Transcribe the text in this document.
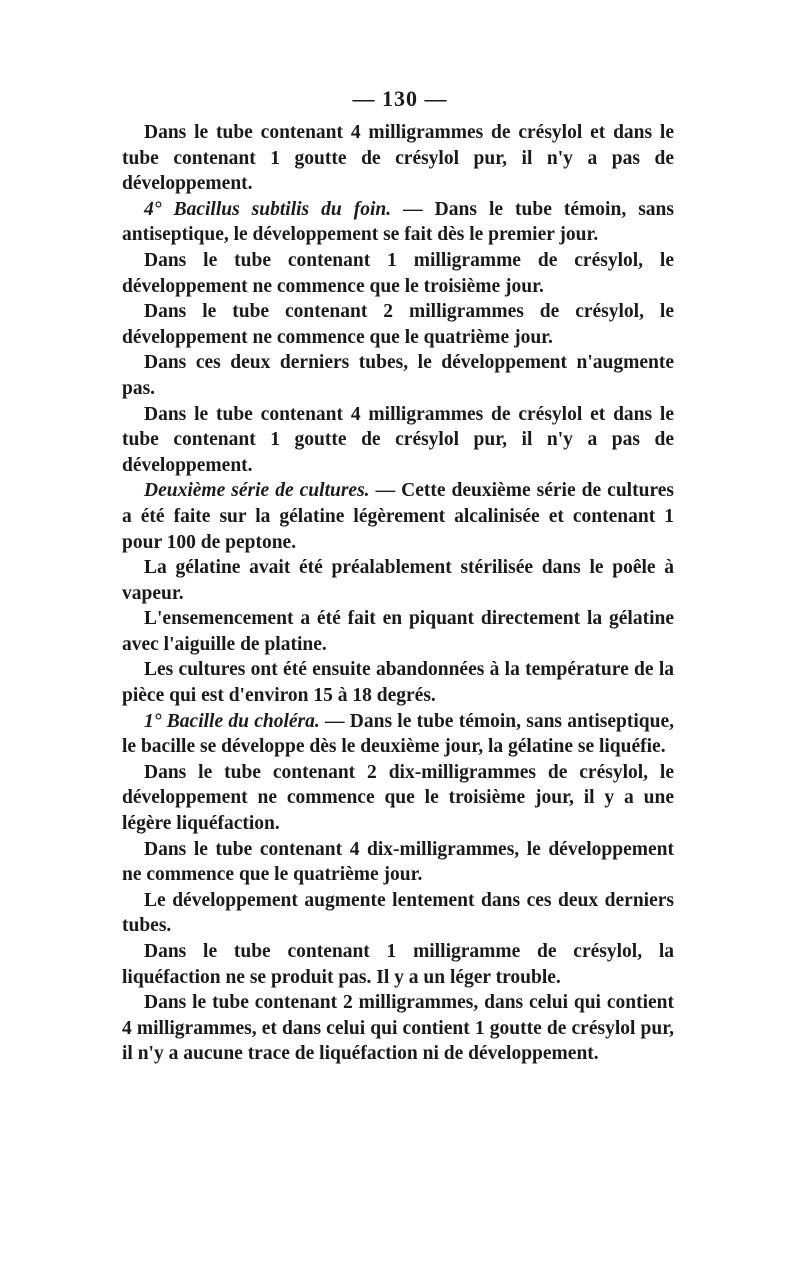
— 130 —

Dans le tube contenant 4 milligrammes de crésylol et dans le tube contenant 1 goutte de crésylol pur, il n'y a pas de développement.

4° Bacillus subtilis du foin. — Dans le tube témoin, sans antiseptique, le développement se fait dès le premier jour.

Dans le tube contenant 1 milligramme de crésylol, le développement ne commence que le troisième jour.

Dans le tube contenant 2 milligrammes de crésylol, le développement ne commence que le quatrième jour.

Dans ces deux derniers tubes, le développement n'augmente pas.

Dans le tube contenant 4 milligrammes de crésylol et dans le tube contenant 1 goutte de crésylol pur, il n'y a pas de développement.

Deuxième série de cultures. — Cette deuxième série de cultures a été faite sur la gélatine légèrement alcalinisée et contenant 1 pour 100 de peptone.

La gélatine avait été préalablement stérilisée dans le poêle à vapeur.

L'ensemencement a été fait en piquant directement la gélatine avec l'aiguille de platine.

Les cultures ont été ensuite abandonnées à la température de la pièce qui est d'environ 15 à 18 degrés.

1° Bacille du choléra. — Dans le tube témoin, sans antiseptique, le bacille se développe dès le deuxième jour, la gélatine se liquéfie.

Dans le tube contenant 2 dix-milligrammes de crésylol, le développement ne commence que le troisième jour, il y a une légère liquéfaction.

Dans le tube contenant 4 dix-milligrammes, le développement ne commence que le quatrième jour.

Le développement augmente lentement dans ces deux derniers tubes.

Dans le tube contenant 1 milligramme de crésylol, la liquéfaction ne se produit pas. Il y a un léger trouble.

Dans le tube contenant 2 milligrammes, dans celui qui contient 4 milligrammes, et dans celui qui contient 1 goutte de crésylol pur, il n'y a aucune trace de liquéfaction ni de développement.
